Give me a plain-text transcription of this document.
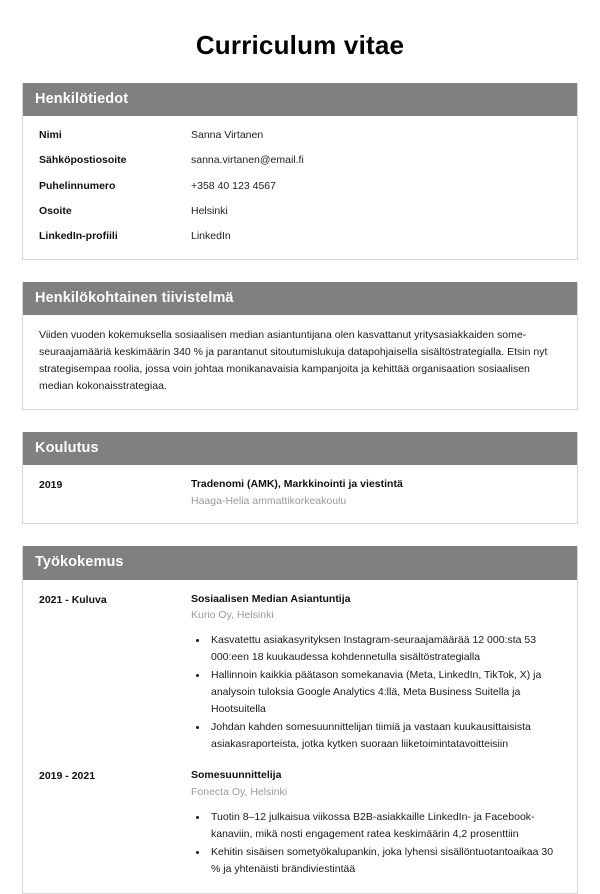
Curriculum vitae
Henkilötiedot
Nimi	Sanna Virtanen
Sähköpostiosoite	sanna.virtanen@email.fi
Puhelinnumero	+358 40 123 4567
Osoite	Helsinki
LinkedIn-profiili	LinkedIn
Henkilökohtainen tiivistelmä

Viiden vuoden kokemuksella sosiaalisen median asiantuntijana olen kasvattanut yritysasiakkaiden some-seuraajamääriä keskimäärin 340 % ja parantanut sitoutumislukuja datapohjaisella sisältöstrategialla. Etsin nyt strategisempaa roolia, jossa voin johtaa monikanavaisia kampanjoita ja kehittää organisaation sosiaalisen median kokonaisstrategiaa.

Koulutus
2019	Tradenomi (AMK), Markkinointi ja viestintä
Haaga-Helia ammattikorkeakoulu
Työkokemus
2021 - Kuluva	Sosiaalisen Median Asiantuntija
Kurio Oy, Helsinki
• Kasvatettu asiakasyrityksen Instagram-seuraajamäärää 12 000:sta 53 000:een 18 kuukaudessa kohdennetulla sisältöstrategialla
• Hallinnoin kaikkia päätason somekanavia (Meta, LinkedIn, TikTok, X) ja analysoin tuloksia Google Analytics 4:llä, Meta Business Suitella ja Hootsuitella
• Johdan kahden somesuunnittelijan tiimiä ja vastaan kuukausittaisista asiakasraporteista, jotka kytken suoraan liiketoimintatavoitteisiin
2019 - 2021	Somesuunnittelija
Fonecta Oy, Helsinki
• Tuotin 8–12 julkaisua viikossa B2B-asiakkaille LinkedIn- ja Facebook-kanaviin, mikä nosti engagement ratea keskimäärin 4,2 prosenttiin
• Kehitin sisäisen sometyökalupankin, joka lyhensi sisällöntuotantoaikaa 30 % ja yhtenäisti brändiviestintää
